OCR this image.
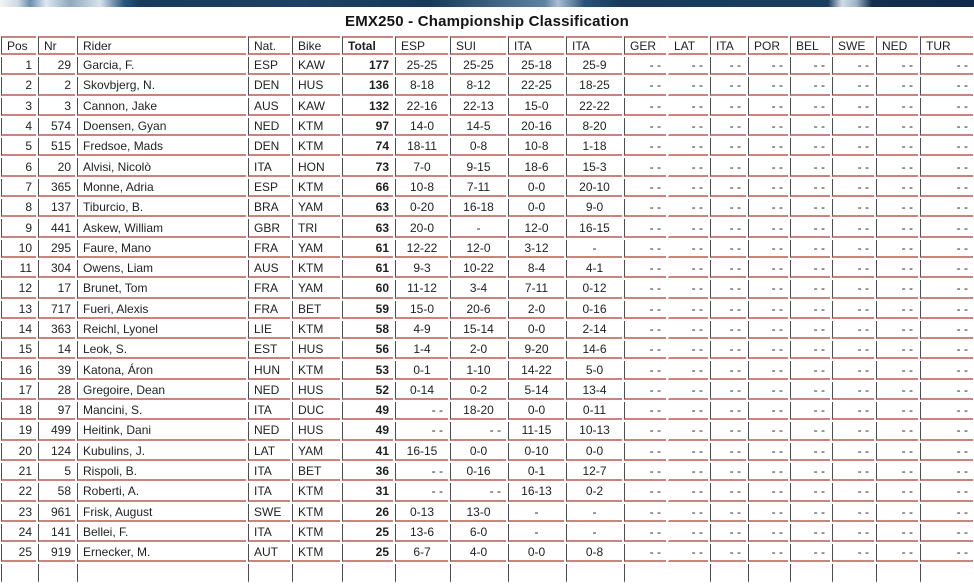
EMX250 - Championship Classification
Pos	Nr	Rider	Nat.	Bike	Total	ESP	SUI	ITA	ITA	GER	LAT	ITA	POR	BEL	SWE	NED	TUR
1	29	Garcia, F.	ESP	KAW	177	25-25	25-25	25-18	25-9	- -	- -	- -	- -	- -	- -	- -	- -
2	2	Skovbjerg, N.	DEN	HUS	136	8-18	8-12	22-25	18-25	- -	- -	- -	- -	- -	- -	- -	- -
3	3	Cannon, Jake	AUS	KAW	132	22-16	22-13	15-0	22-22	- -	- -	- -	- -	- -	- -	- -	- -
4	574	Doensen, Gyan	NED	KTM	97	14-0	14-5	20-16	8-20	- -	- -	- -	- -	- -	- -	- -	- -
5	515	Fredsoe, Mads	DEN	KTM	74	18-11	0-8	10-8	1-18	- -	- -	- -	- -	- -	- -	- -	- -
6	20	Alvisi, Nicolò	ITA	HON	73	7-0	9-15	18-6	15-3	- -	- -	- -	- -	- -	- -	- -	- -
7	365	Monne, Adria	ESP	KTM	66	10-8	7-11	0-0	20-10	- -	- -	- -	- -	- -	- -	- -	- -
8	137	Tiburcio, B.	BRA	YAM	63	0-20	16-18	0-0	9-0	- -	- -	- -	- -	- -	- -	- -	- -
9	441	Askew, William	GBR	TRI	63	20-0	-	12-0	16-15	- -	- -	- -	- -	- -	- -	- -	- -
10	295	Faure, Mano	FRA	YAM	61	12-22	12-0	3-12	-	- -	- -	- -	- -	- -	- -	- -	- -
11	304	Owens, Liam	AUS	KTM	61	9-3	10-22	8-4	4-1	- -	- -	- -	- -	- -	- -	- -	- -
12	17	Brunet, Tom	FRA	YAM	60	11-12	3-4	7-11	0-12	- -	- -	- -	- -	- -	- -	- -	- -
13	717	Fueri, Alexis	FRA	BET	59	15-0	20-6	2-0	0-16	- -	- -	- -	- -	- -	- -	- -	- -
14	363	Reichl, Lyonel	LIE	KTM	58	4-9	15-14	0-0	2-14	- -	- -	- -	- -	- -	- -	- -	- -
15	14	Leok, S.	EST	HUS	56	1-4	2-0	9-20	14-6	- -	- -	- -	- -	- -	- -	- -	- -
16	39	Katona, Áron	HUN	KTM	53	0-1	1-10	14-22	5-0	- -	- -	- -	- -	- -	- -	- -	- -
17	28	Gregoire, Dean	NED	HUS	52	0-14	0-2	5-14	13-4	- -	- -	- -	- -	- -	- -	- -	- -
18	97	Mancini, S.	ITA	DUC	49	- -	18-20	0-0	0-11	- -	- -	- -	- -	- -	- -	- -	- -
19	499	Heitink, Dani	NED	HUS	49	- -	- -	11-15	10-13	- -	- -	- -	- -	- -	- -	- -	- -
20	124	Kubulins, J.	LAT	YAM	41	16-15	0-0	0-10	0-0	- -	- -	- -	- -	- -	- -	- -	- -
21	5	Rispoli, B.	ITA	BET	36	- -	0-16	0-1	12-7	- -	- -	- -	- -	- -	- -	- -	- -
22	58	Roberti, A.	ITA	KTM	31	- -	- -	16-13	0-2	- -	- -	- -	- -	- -	- -	- -	- -
23	961	Frisk, August	SWE	KTM	26	0-13	13-0	-	-	- -	- -	- -	- -	- -	- -	- -	- -
24	141	Bellei, F.	ITA	KTM	25	13-6	6-0	-	-	- -	- -	- -	- -	- -	- -	- -	- -
25	919	Ernecker, M.	AUT	KTM	25	6-7	4-0	0-0	0-8	- -	- -	- -	- -	- -	- -	- -	- -
